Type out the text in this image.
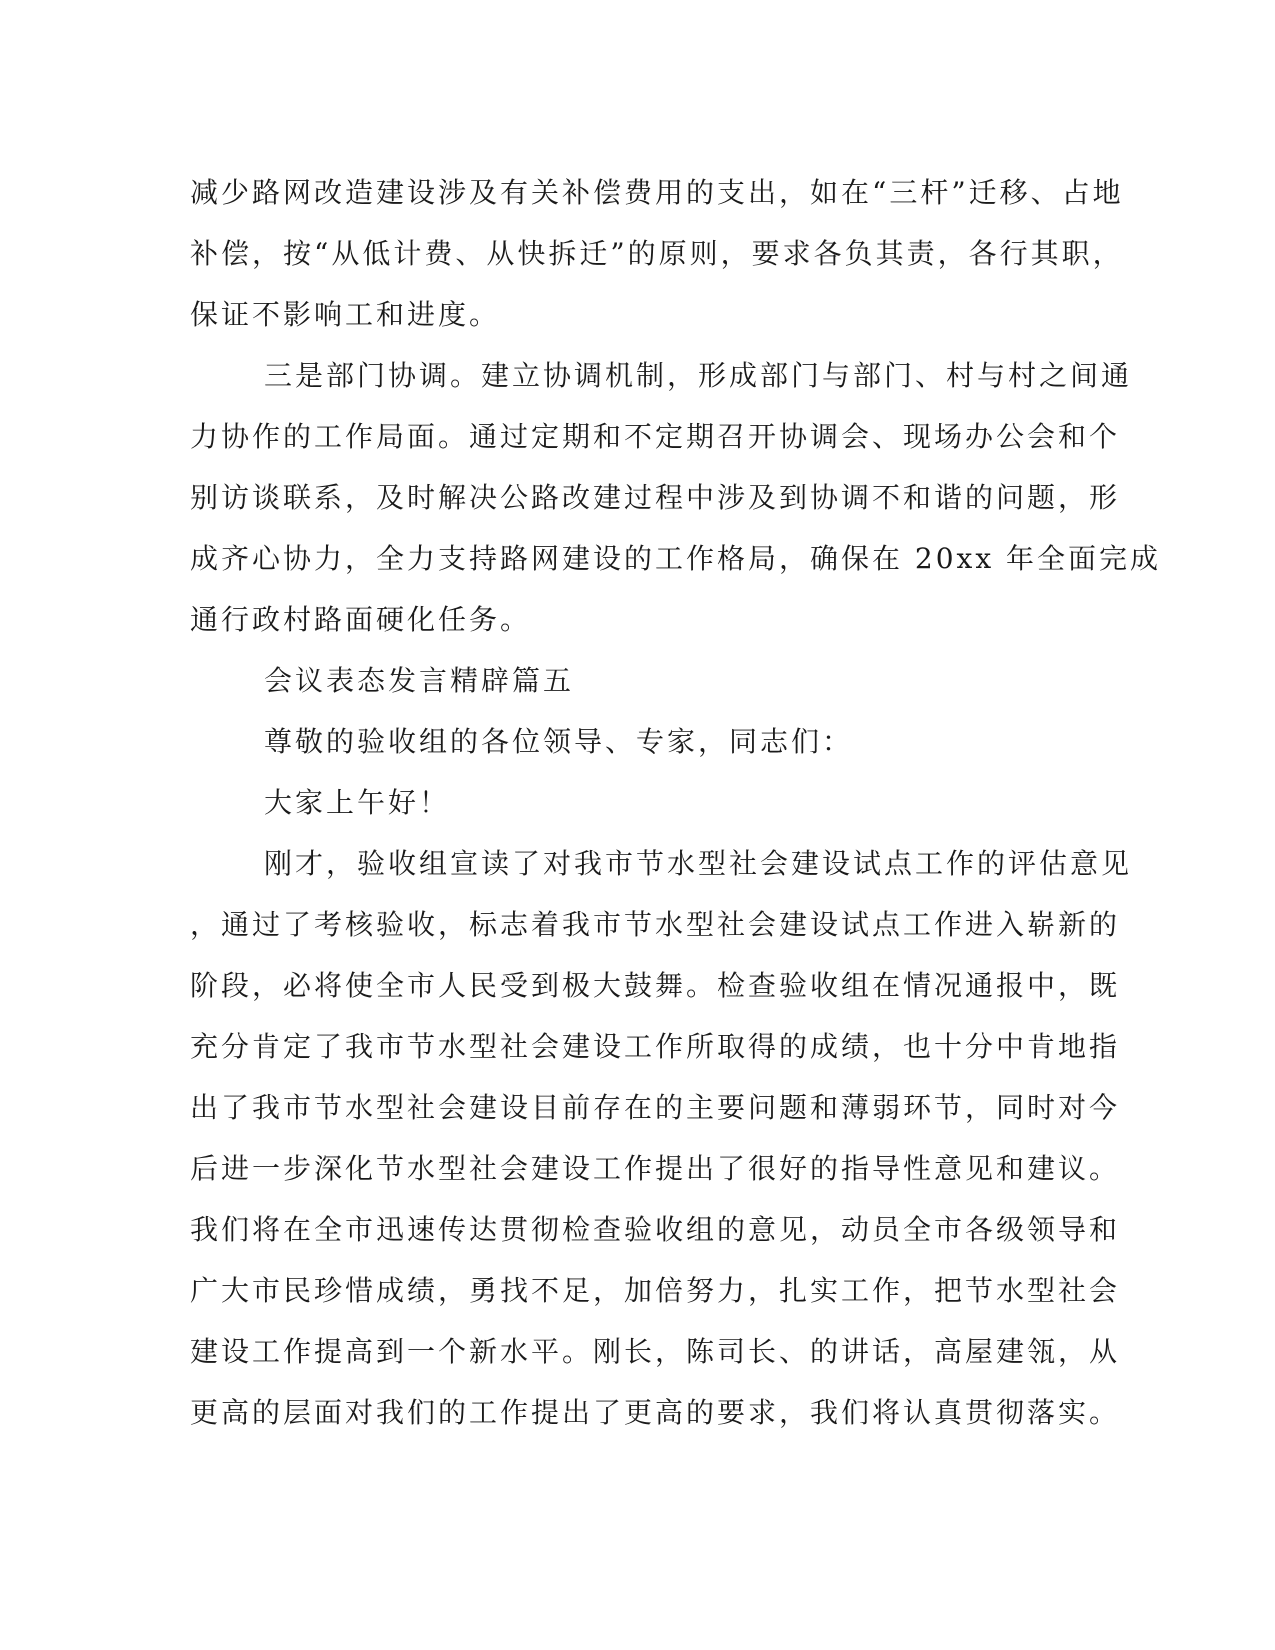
减少路网改造建设涉及有关补偿费用的支出，如在“三杆”迁移、占地
补偿，按“从低计费、从快拆迁”的原则，要求各负其责，各行其职，
保证不影响工和进度。
三是部门协调。建立协调机制，形成部门与部门、村与村之间通
力协作的工作局面。通过定期和不定期召开协调会、现场办公会和个
别访谈联系，及时解决公路改建过程中涉及到协调不和谐的问题，形
成齐心协力，全力支持路网建设的工作格局，确保在 20xx 年全面完成
通行政村路面硬化任务。
会议表态发言精辟篇五
尊敬的验收组的各位领导、专家，同志们：
大家上午好！
刚才，验收组宣读了对我市节水型社会建设试点工作的评估意见
，通过了考核验收，标志着我市节水型社会建设试点工作进入崭新的
阶段，必将使全市人民受到极大鼓舞。检查验收组在情况通报中，既
充分肯定了我市节水型社会建设工作所取得的成绩，也十分中肯地指
出了我市节水型社会建设目前存在的主要问题和薄弱环节，同时对今
后进一步深化节水型社会建设工作提出了很好的指导性意见和建议。
我们将在全市迅速传达贯彻检查验收组的意见，动员全市各级领导和
广大市民珍惜成绩，勇找不足，加倍努力，扎实工作，把节水型社会
建设工作提高到一个新水平。刚长，陈司长、的讲话，高屋建瓴，从
更高的层面对我们的工作提出了更高的要求，我们将认真贯彻落实。
